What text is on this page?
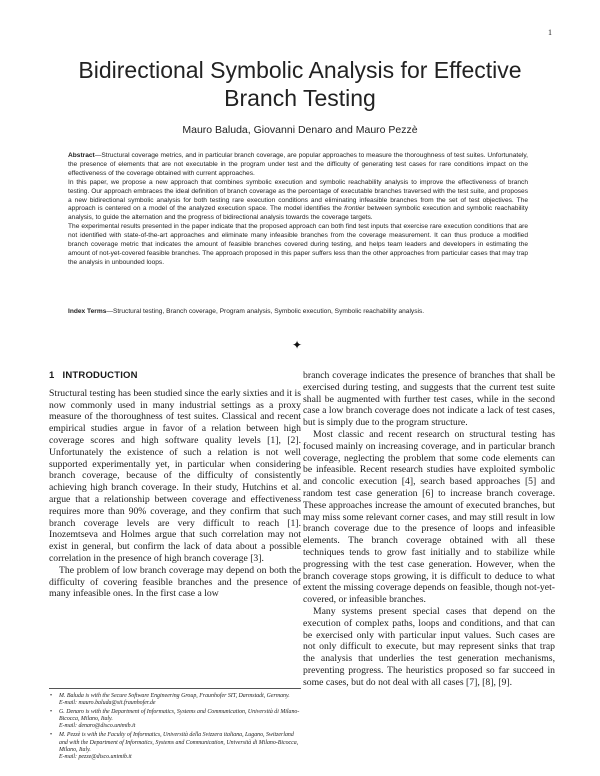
1
Bidirectional Symbolic Analysis for Effective Branch Testing
Mauro Baluda, Giovanni Denaro and Mauro Pezzè

Abstract—Structural coverage metrics, and in particular branch coverage, are popular approaches to measure the thoroughness of test suites. Unfortunately, the presence of elements that are not executable in the program under test and the difficulty of generating test cases for rare conditions impact on the effectiveness of the coverage obtained with current approaches.

In this paper, we propose a new approach that combines symbolic execution and symbolic reachability analysis to improve the effectiveness of branch testing. Our approach embraces the ideal definition of branch coverage as the percentage of executable branches traversed with the test suite, and proposes a new bidirectional symbolic analysis for both testing rare execution conditions and eliminating infeasible branches from the set of test objectives. The approach is centered on a model of the analyzed execution space. The model identifies the frontier between symbolic execution and symbolic reachability analysis, to guide the alternation and the progress of bidirectional analysis towards the coverage targets.

The experimental results presented in the paper indicate that the proposed approach can both find test inputs that exercise rare execution conditions that are not identified with state-of-the-art approaches and eliminate many infeasible branches from the coverage measurement. It can thus produce a modified branch coverage metric that indicates the amount of feasible branches covered during testing, and helps team leaders and developers in estimating the amount of not-yet-covered feasible branches. The approach proposed in this paper suffers less than the other approaches from particular cases that may trap the analysis in unbounded loops.

Index Terms—Structural testing, Branch coverage, Program analysis, Symbolic execution, Symbolic reachability analysis.
✦
1 INTRODUCTION

Structural testing has been studied since the early sixties and it is now commonly used in many industrial settings as a proxy measure of the thoroughness of test suites. Classical and recent empirical studies argue in favor of a relation between high coverage scores and high software quality levels [1], [2]. Unfortunately the existence of such a relation is not well supported experimentally yet, in particular when considering branch coverage, because of the difficulty of consistently achieving high branch coverage. In their study, Hutchins et al. argue that a relationship between coverage and effectiveness requires more than 90% coverage, and they confirm that such branch coverage levels are very difficult to reach [1]. Inozemtseva and Holmes argue that such correlation may not exist in general, but confirm the lack of data about a possible correlation in the presence of high branch coverage [3].

The problem of low branch coverage may depend on both the difficulty of covering feasible branches and the presence of many infeasible ones. In the first case a low

branch coverage indicates the presence of branches that shall be exercised during testing, and suggests that the current test suite shall be augmented with further test cases, while in the second case a low branch coverage does not indicate a lack of test cases, but is simply due to the program structure.

Most classic and recent research on structural testing has focused mainly on increasing coverage, and in particular branch coverage, neglecting the problem that some code elements can be infeasible. Recent research studies have exploited symbolic and concolic execution [4], search based approaches [5] and random test case generation [6] to increase branch coverage. These approaches increase the amount of executed branches, but may miss some relevant corner cases, and may still result in low branch coverage due to the presence of loops and infeasible elements. The branch coverage obtained with all these techniques tends to grow fast initially and to stabilize while progressing with the test case generation. However, when the branch coverage stops growing, it is difficult to deduce to what extent the missing coverage depends on feasible, though not-yet-covered, or infeasible branches.

Many systems present special cases that depend on the execution of complex paths, loops and conditions, and that can be exercised only with particular input values. Such cases are not only difficult to execute, but may represent sinks that trap the analysis that underlies the test generation mechanisms, preventing progress. The heuristics proposed so far succeed in some cases, but do not deal with all cases [7], [8], [9].

• M. Baluda is with the Secure Software Engineering Group, Fraunhofer SIT, Darmstadt, Germany.
E-mail: mauro.baluda@sit.fraunhofer.de
• G. Denaro is with the Department of Informatics, Systems and Communication, Università di Milano-Bicocca, Milano, Italy.
E-mail: denaro@disco.unimib.it
• M. Pezzè is with the Faculty of Informatics, Università della Svizzera italiana, Lugano, Switzerland and with the Department of Informatics, Systems and Communication, Università di Milano-Bicocca, Milano, Italy.
E-mail: pezze@disco.unimib.it
